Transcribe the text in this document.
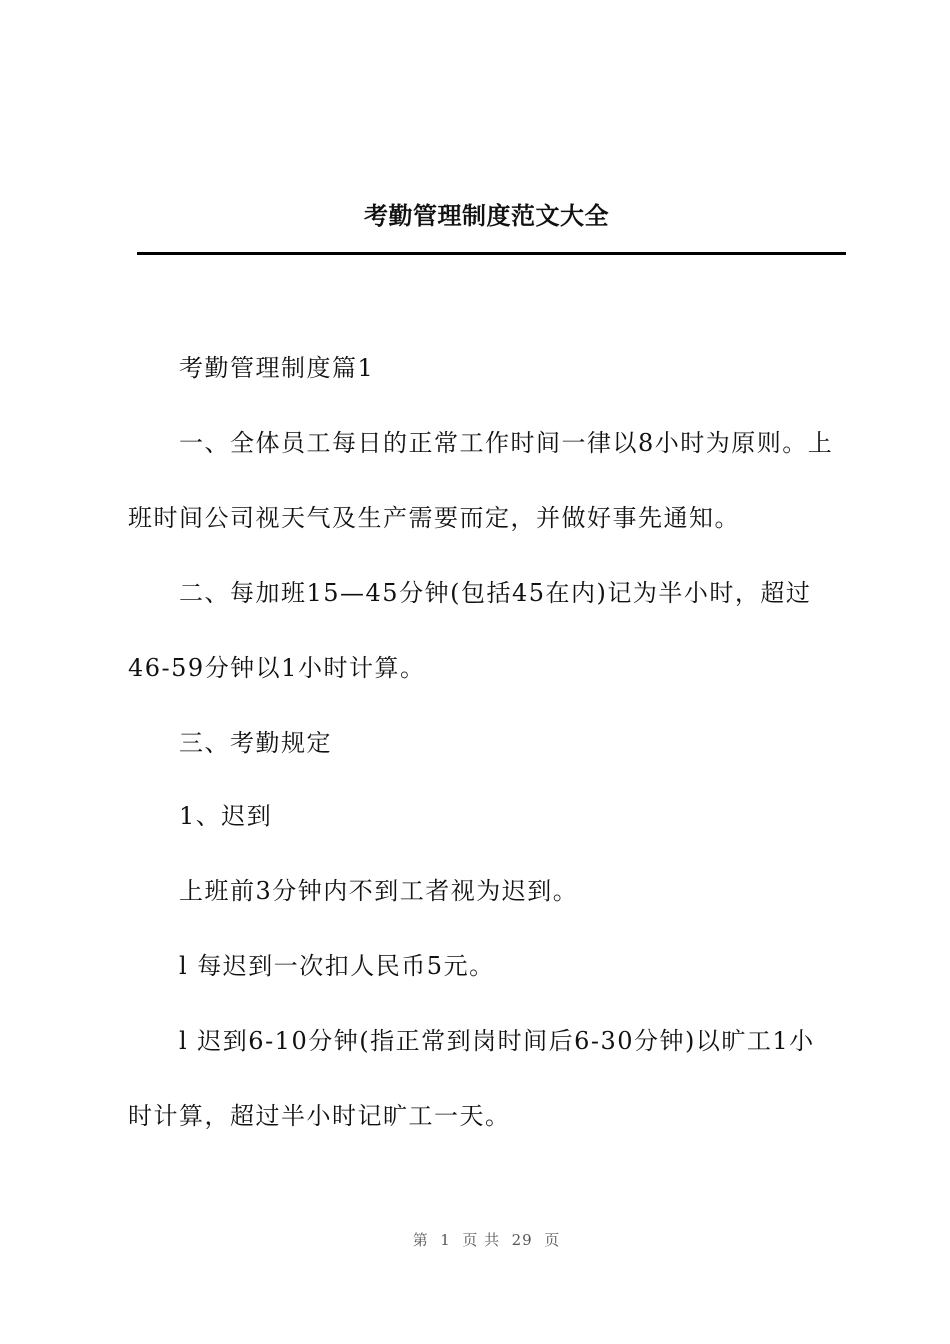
考勤管理制度范文大全
考勤管理制度篇1
一、全体员工每日的正常工作时间一律以8小时为原则。上
班时间公司视天气及生产需要而定，并做好事先通知。
二、每加班15—45分钟(包括45在内)记为半小时，超过
46-59分钟以1小时计算。
三、考勤规定
1、迟到
上班前3分钟内不到工者视为迟到。
l 每迟到一次扣人民币5元。
l 迟到6-10分钟(指正常到岗时间后6-30分钟)以旷工1小
时计算，超过半小时记旷工一天。
第  1  页 共  29  页
